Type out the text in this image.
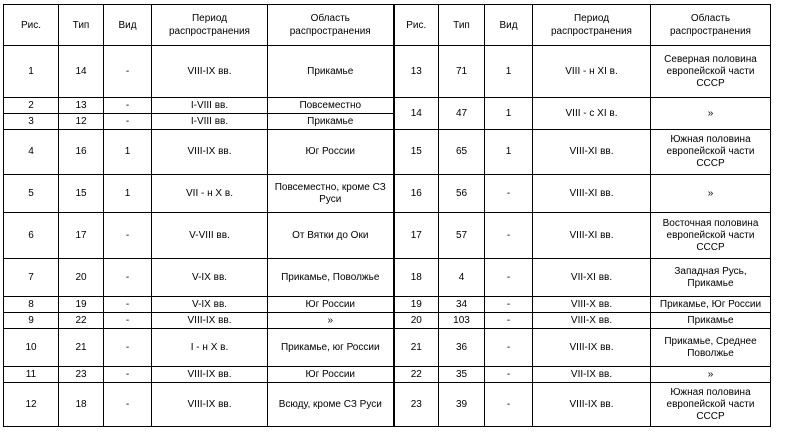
Рис.	Тип	Вид	Период распространения	Область распространения	Рис.	Тип	Вид	Период распространения	Область распространения
1	14	-	VIII-IX вв.	Прикамье	13	71	1	VIII - н XI в.	Северная половина европейской части СССР

2	13	-	I-VIII вв.	Повсеместно	14	47	1	VIII - с XI в.	»
3	12	-	I-VIII вв.	Прикамье					
4	16	1	VIII-IX вв.	Юг России	15	65	1	VIII-XI вв.	Южная половина европейской части СССР
5	15	1	VII - н X в.	Повсеместно, кроме СЗ Руси	16	56	-	VIII-XI вв.	»
6	17	-	V-VIII вв.	От Вятки до Оки	17	57	-	VIII-XI вв.	Восточная половина европейской части СССР
7	20	-	V-IX вв.	Прикамье, Поволжье	18	4	-	VII-XI вв.	Западная Русь, Прикамье
8	19	-	V-IX вв.	Юг России	19	34	-	VIII-X вв.	Прикамье, Юг России
9	22	-	VIII-IX вв.	»	20	103	-	VIII-X вв.	Прикамье
10	21	-	I - н X в.	Прикамье, юг России	21	36	-	VIII-IX вв.	Прикамье, Среднее Поволжье
11	23	-	VIII-IX вв.	Юг России	22	35	-	VII-IX вв.	»
12	18	-	VIII-IX вв.	Всюду, кроме СЗ Руси	23	39	-	VIII-IX вв.	Южная половина европейской части СССР
